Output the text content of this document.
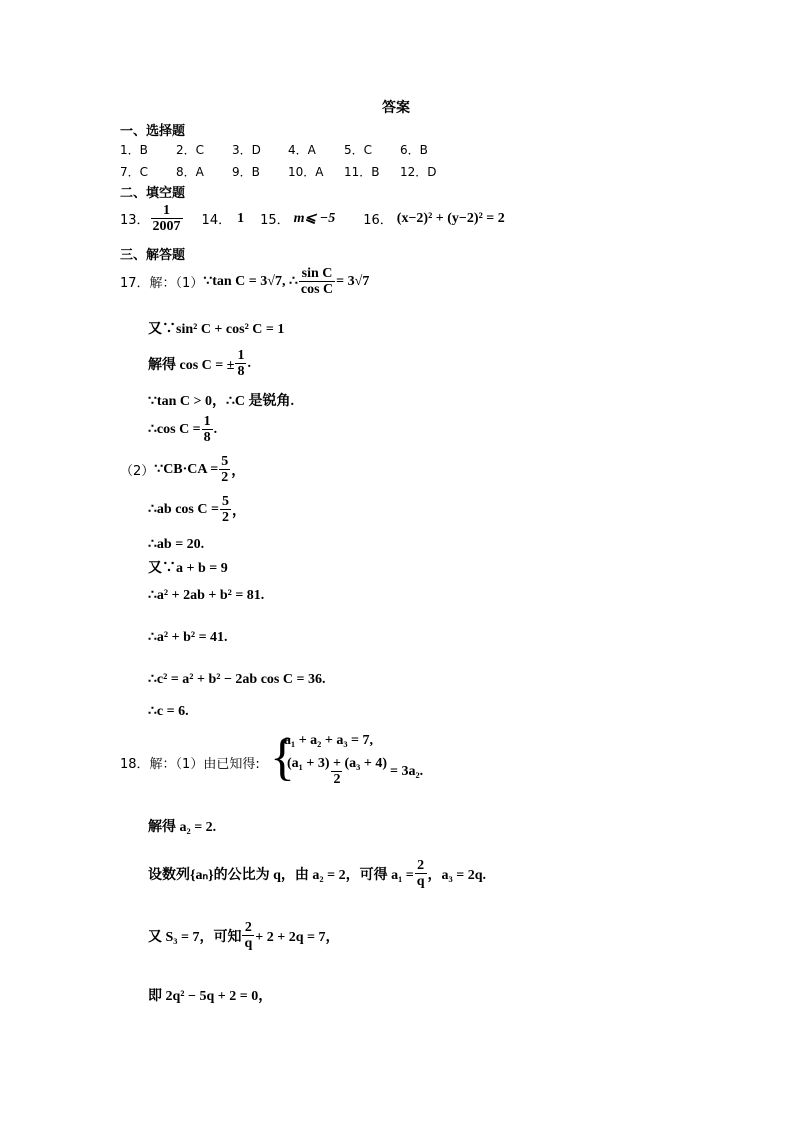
答案
一、选择题
1．B 2．C 3．D 4．A 5．C 6．B
7．C 8．A 9．B 10．A 11．B 12．D
二、填空题
13． $\frac{1}{2007} 14$． 1 15． m⩽ −5 16． (x−2)² + (y−2)² = 2
三、解答题
17．解：（1） ∵tan C = 3√7, ∴ $\frac{\text{sin C}}{\text{cos C}} = 3√7$
又∵sin² C + cos² C = 1
解得 cos C = ± $\frac{1}{8}$ .
∵tan C > 0，∴C 是锐角.
∴cos $C = \frac{1}{8}$ .
（2） ∵CB·CA = $\frac{5}{2}$ ，
∴ab $\cos C = \frac{5}{2}$ ，
∴ab = 20.
又∵a + b = 9
∴a² + 2ab + b² = 81.
∴a² + b² = 41.
∴c² = a² + b² − 2ab cos C = 36.
∴c = 6.
18．解：（1）由已知得: {
a₁ + a₂ + a₃ = 7,
$\frac{\text{(a₁ + 3) + (a₃ + 4)}}{2} = 3a_2$.
解得 a₂ = 2.
设数列{aₙ}的公比为 q，由 a₂ = 2，可得 $a_1 = \frac{2}{q}$ ，a₃ = 2q.
又 S₃ = 7，可知 $\frac{2}{q} + 2 + 2q = 7$，
即 2q² − 5q + 2 = 0，
